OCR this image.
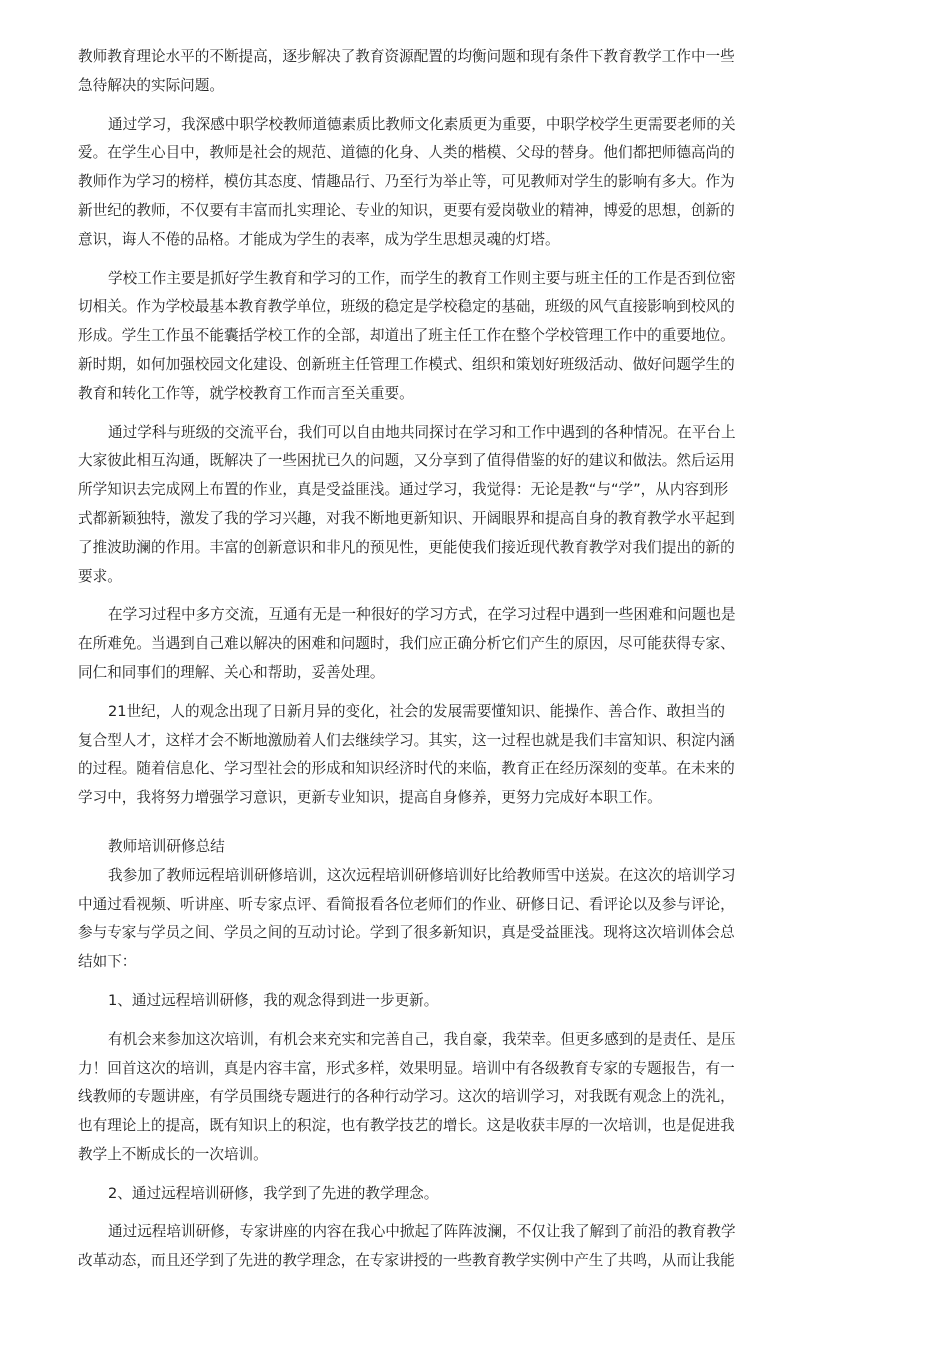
教师教育理论水平的不断提高，逐步解决了教育资源配置的均衡问题和现有条件下教育教学工作中一些
急待解决的实际问题。
通过学习，我深感中职学校教师道德素质比教师文化素质更为重要，中职学校学生更需要老师的关
爱。在学生心目中，教师是社会的规范、道德的化身、人类的楷模、父母的替身。他们都把师德高尚的
教师作为学习的榜样，模仿其态度、情趣品行、乃至行为举止等，可见教师对学生的影响有多大。作为
新世纪的教师，不仅要有丰富而扎实理论、专业的知识，更要有爱岗敬业的精神，博爱的思想，创新的
意识，诲人不倦的品格。才能成为学生的表率，成为学生思想灵魂的灯塔。
学校工作主要是抓好学生教育和学习的工作，而学生的教育工作则主要与班主任的工作是否到位密
切相关。作为学校最基本教育教学单位，班级的稳定是学校稳定的基础，班级的风气直接影响到校风的
形成。学生工作虽不能囊括学校工作的全部，却道出了班主任工作在整个学校管理工作中的重要地位。
新时期，如何加强校园文化建设、创新班主任管理工作模式、组织和策划好班级活动、做好问题学生的
教育和转化工作等，就学校教育工作而言至关重要。
通过学科与班级的交流平台，我们可以自由地共同探讨在学习和工作中遇到的各种情况。在平台上
大家彼此相互沟通，既解决了一些困扰已久的问题，又分享到了值得借鉴的好的建议和做法。然后运用
所学知识去完成网上布置的作业，真是受益匪浅。通过学习，我觉得：无论是教“与“学”，从内容到形
式都新颖独特，激发了我的学习兴趣，对我不断地更新知识、开阔眼界和提高自身的教育教学水平起到
了推波助澜的作用。丰富的创新意识和非凡的预见性，更能使我们接近现代教育教学对我们提出的新的
要求。
在学习过程中多方交流，互通有无是一种很好的学习方式，在学习过程中遇到一些困难和问题也是
在所难免。当遇到自己难以解决的困难和问题时，我们应正确分析它们产生的原因，尽可能获得专家、
同仁和同事们的理解、关心和帮助，妥善处理。
21世纪，人的观念出现了日新月异的变化，社会的发展需要懂知识、能操作、善合作、敢担当的
复合型人才，这样才会不断地激励着人们去继续学习。其实，这一过程也就是我们丰富知识、积淀内涵
的过程。随着信息化、学习型社会的形成和知识经济时代的来临，教育正在经历深刻的变革。在未来的
学习中，我将努力增强学习意识，更新专业知识，提高自身修养，更努力完成好本职工作。
教师培训研修总结
我参加了教师远程培训研修培训，这次远程培训研修培训好比给教师雪中送炭。在这次的培训学习
中通过看视频、听讲座、听专家点评、看简报看各位老师们的作业、研修日记、看评论以及参与评论，
参与专家与学员之间、学员之间的互动讨论。学到了很多新知识，真是受益匪浅。现将这次培训体会总
结如下：
1、通过远程培训研修，我的观念得到进一步更新。
有机会来参加这次培训，有机会来充实和完善自己，我自豪，我荣幸。但更多感到的是责任、是压
力！回首这次的培训，真是内容丰富，形式多样，效果明显。培训中有各级教育专家的专题报告，有一
线教师的专题讲座，有学员围绕专题进行的各种行动学习。这次的培训学习，对我既有观念上的洗礼，
也有理论上的提高，既有知识上的积淀，也有教学技艺的增长。这是收获丰厚的一次培训，也是促进我
教学上不断成长的一次培训。
2、通过远程培训研修，我学到了先进的教学理念。
通过远程培训研修，专家讲座的内容在我心中掀起了阵阵波澜，不仅让我了解到了前沿的教育教学
改革动态，而且还学到了先进的教学理念，在专家讲授的一些教育教学实例中产生了共鸣，从而让我能
